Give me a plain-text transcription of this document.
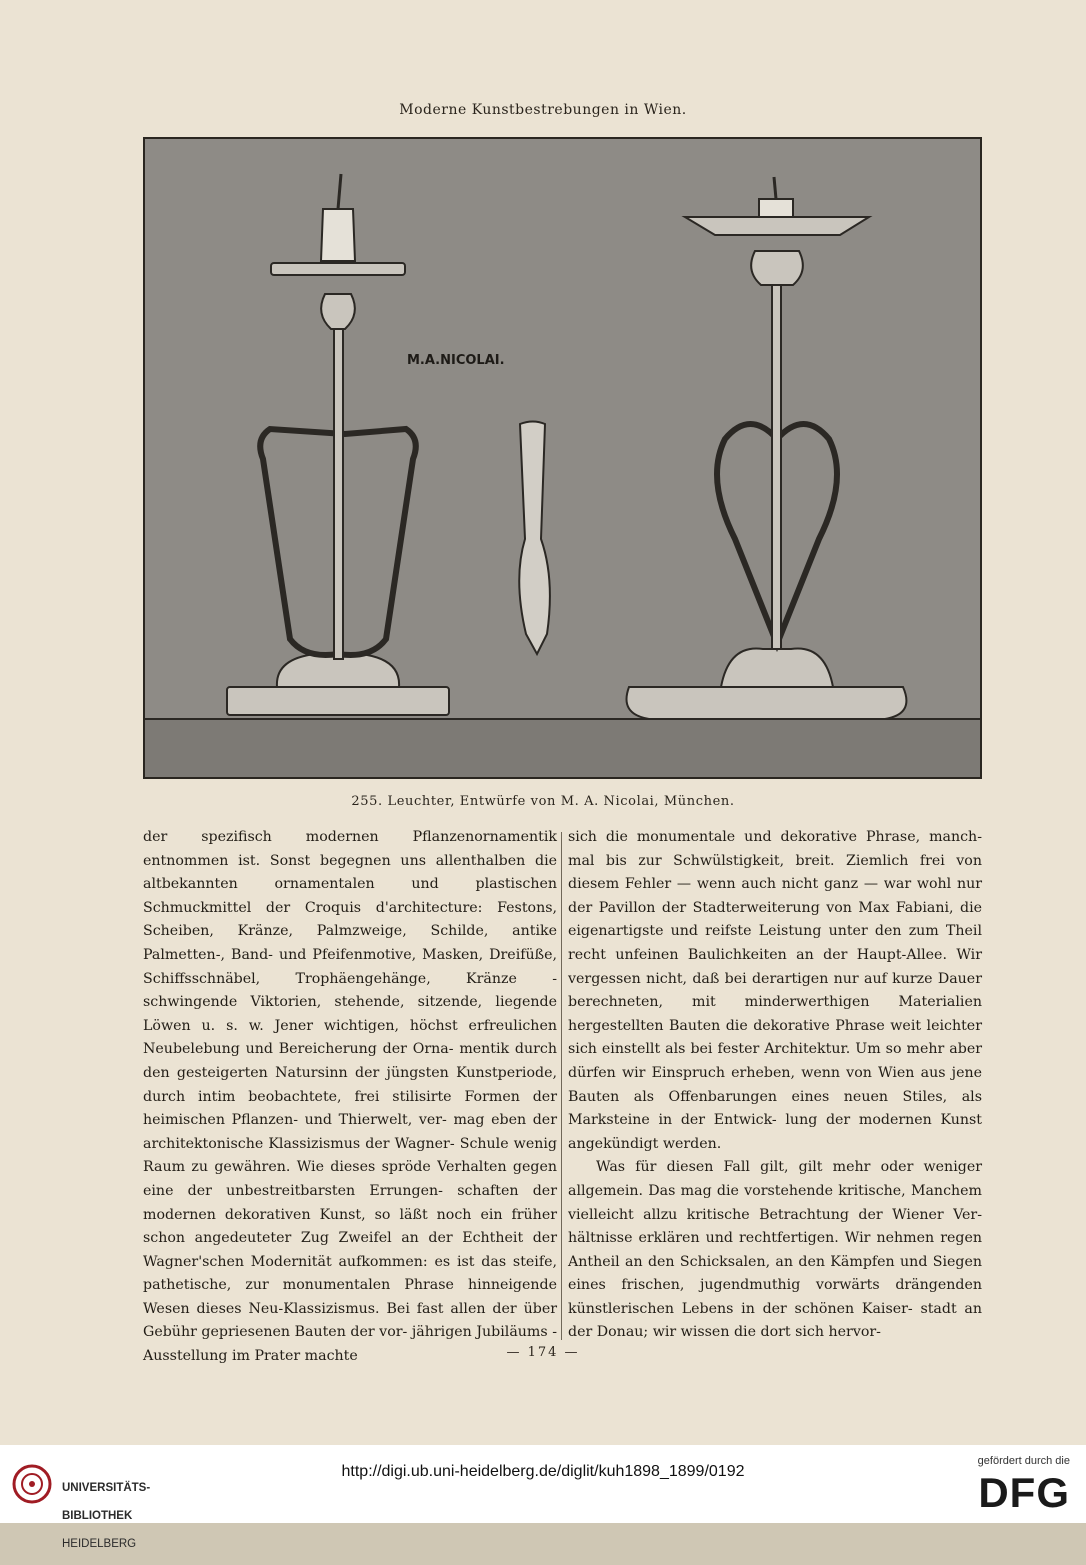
Moderne Kunstbestrebungen in Wien.
M.A.NICOLAI.
255. Leuchter, Entwürfe von M. A. Nicolai, München.

der spezifisch modernen Pflanzenornamentik entnommen ist. Sonst begegnen uns allenthalben die altbekannten	ornamentalen und plastischen Schmuckmittel der Croquis d'architecture: Festons, Scheiben, Kränze, Palmzweige, Schilde, antike Palmetten-, Band- und Pfeifenmotive, Masken, Dreifüße, Schiffsschnäbel, Trophäengehänge, Kränze - schwingende Viktorien, stehende, sitzende, liegende Löwen u. s. w. Jener wichtigen, höchst erfreulichen Neubelebung und Bereicherung der Orna- mentik durch den gesteigerten Natursinn der jüngsten Kunstperiode, durch intim beobachtete, frei stilisirte Formen der heimischen Pflanzen- und Thierwelt, ver- mag eben der architektonische Klassizismus der Wagner- Schule wenig Raum zu gewähren. Wie dieses spröde Verhalten gegen eine der unbestreitbarsten Errungen- schaften der modernen dekorativen Kunst, so läßt noch ein früher schon angedeuteter Zug Zweifel an der Echtheit der Wagner'schen Modernität aufkommen: es ist das steife, pathetische, zur monumentalen Phrase hinneigende Wesen dieses Neu-Klassizismus. Bei fast allen der über Gebühr gepriesenen Bauten der vor- jährigen Jubiläums - Ausstellung im Prater machte

sich die monumentale und dekorative Phrase, manch- mal bis zur Schwülstigkeit, breit. Ziemlich frei von diesem Fehler — wenn auch nicht ganz — war wohl nur der Pavillon der Stadterweiterung von Max Fabiani, die eigenartigste und reifste Leistung unter den zum Theil recht unfeinen Baulichkeiten an der Haupt-Allee. Wir vergessen nicht, daß bei derartigen nur auf kurze Dauer berechneten, mit minderwerthigen Materialien hergestellten Bauten die dekorative Phrase weit leichter sich einstellt als bei fester Architektur. Um so mehr aber dürfen wir Einspruch erheben, wenn von Wien aus jene Bauten als Offenbarungen eines neuen Stiles, als Marksteine in der Entwick- lung der modernen Kunst angekündigt werden.

Was für diesen Fall gilt, gilt mehr oder weniger allgemein. Das mag die vorstehende kritische, Manchem vielleicht allzu kritische Betrachtung der Wiener Ver- hältnisse erklären und rechtfertigen. Wir nehmen regen Antheil an den Schicksalen, an den Kämpfen und Siegen eines frischen, jugendmuthig vorwärts drängenden künstlerischen Lebens in der schönen Kaiser- stadt an der Donau; wir wissen die dort sich hervor-

— 174 —

UNIVERSITÄTS-

BIBLIOTHEK

HEIDELBERG

http://digi.ub.uni-heidelberg.de/diglit/kuh1898_1899/0192
gefördert durch die
DFG
